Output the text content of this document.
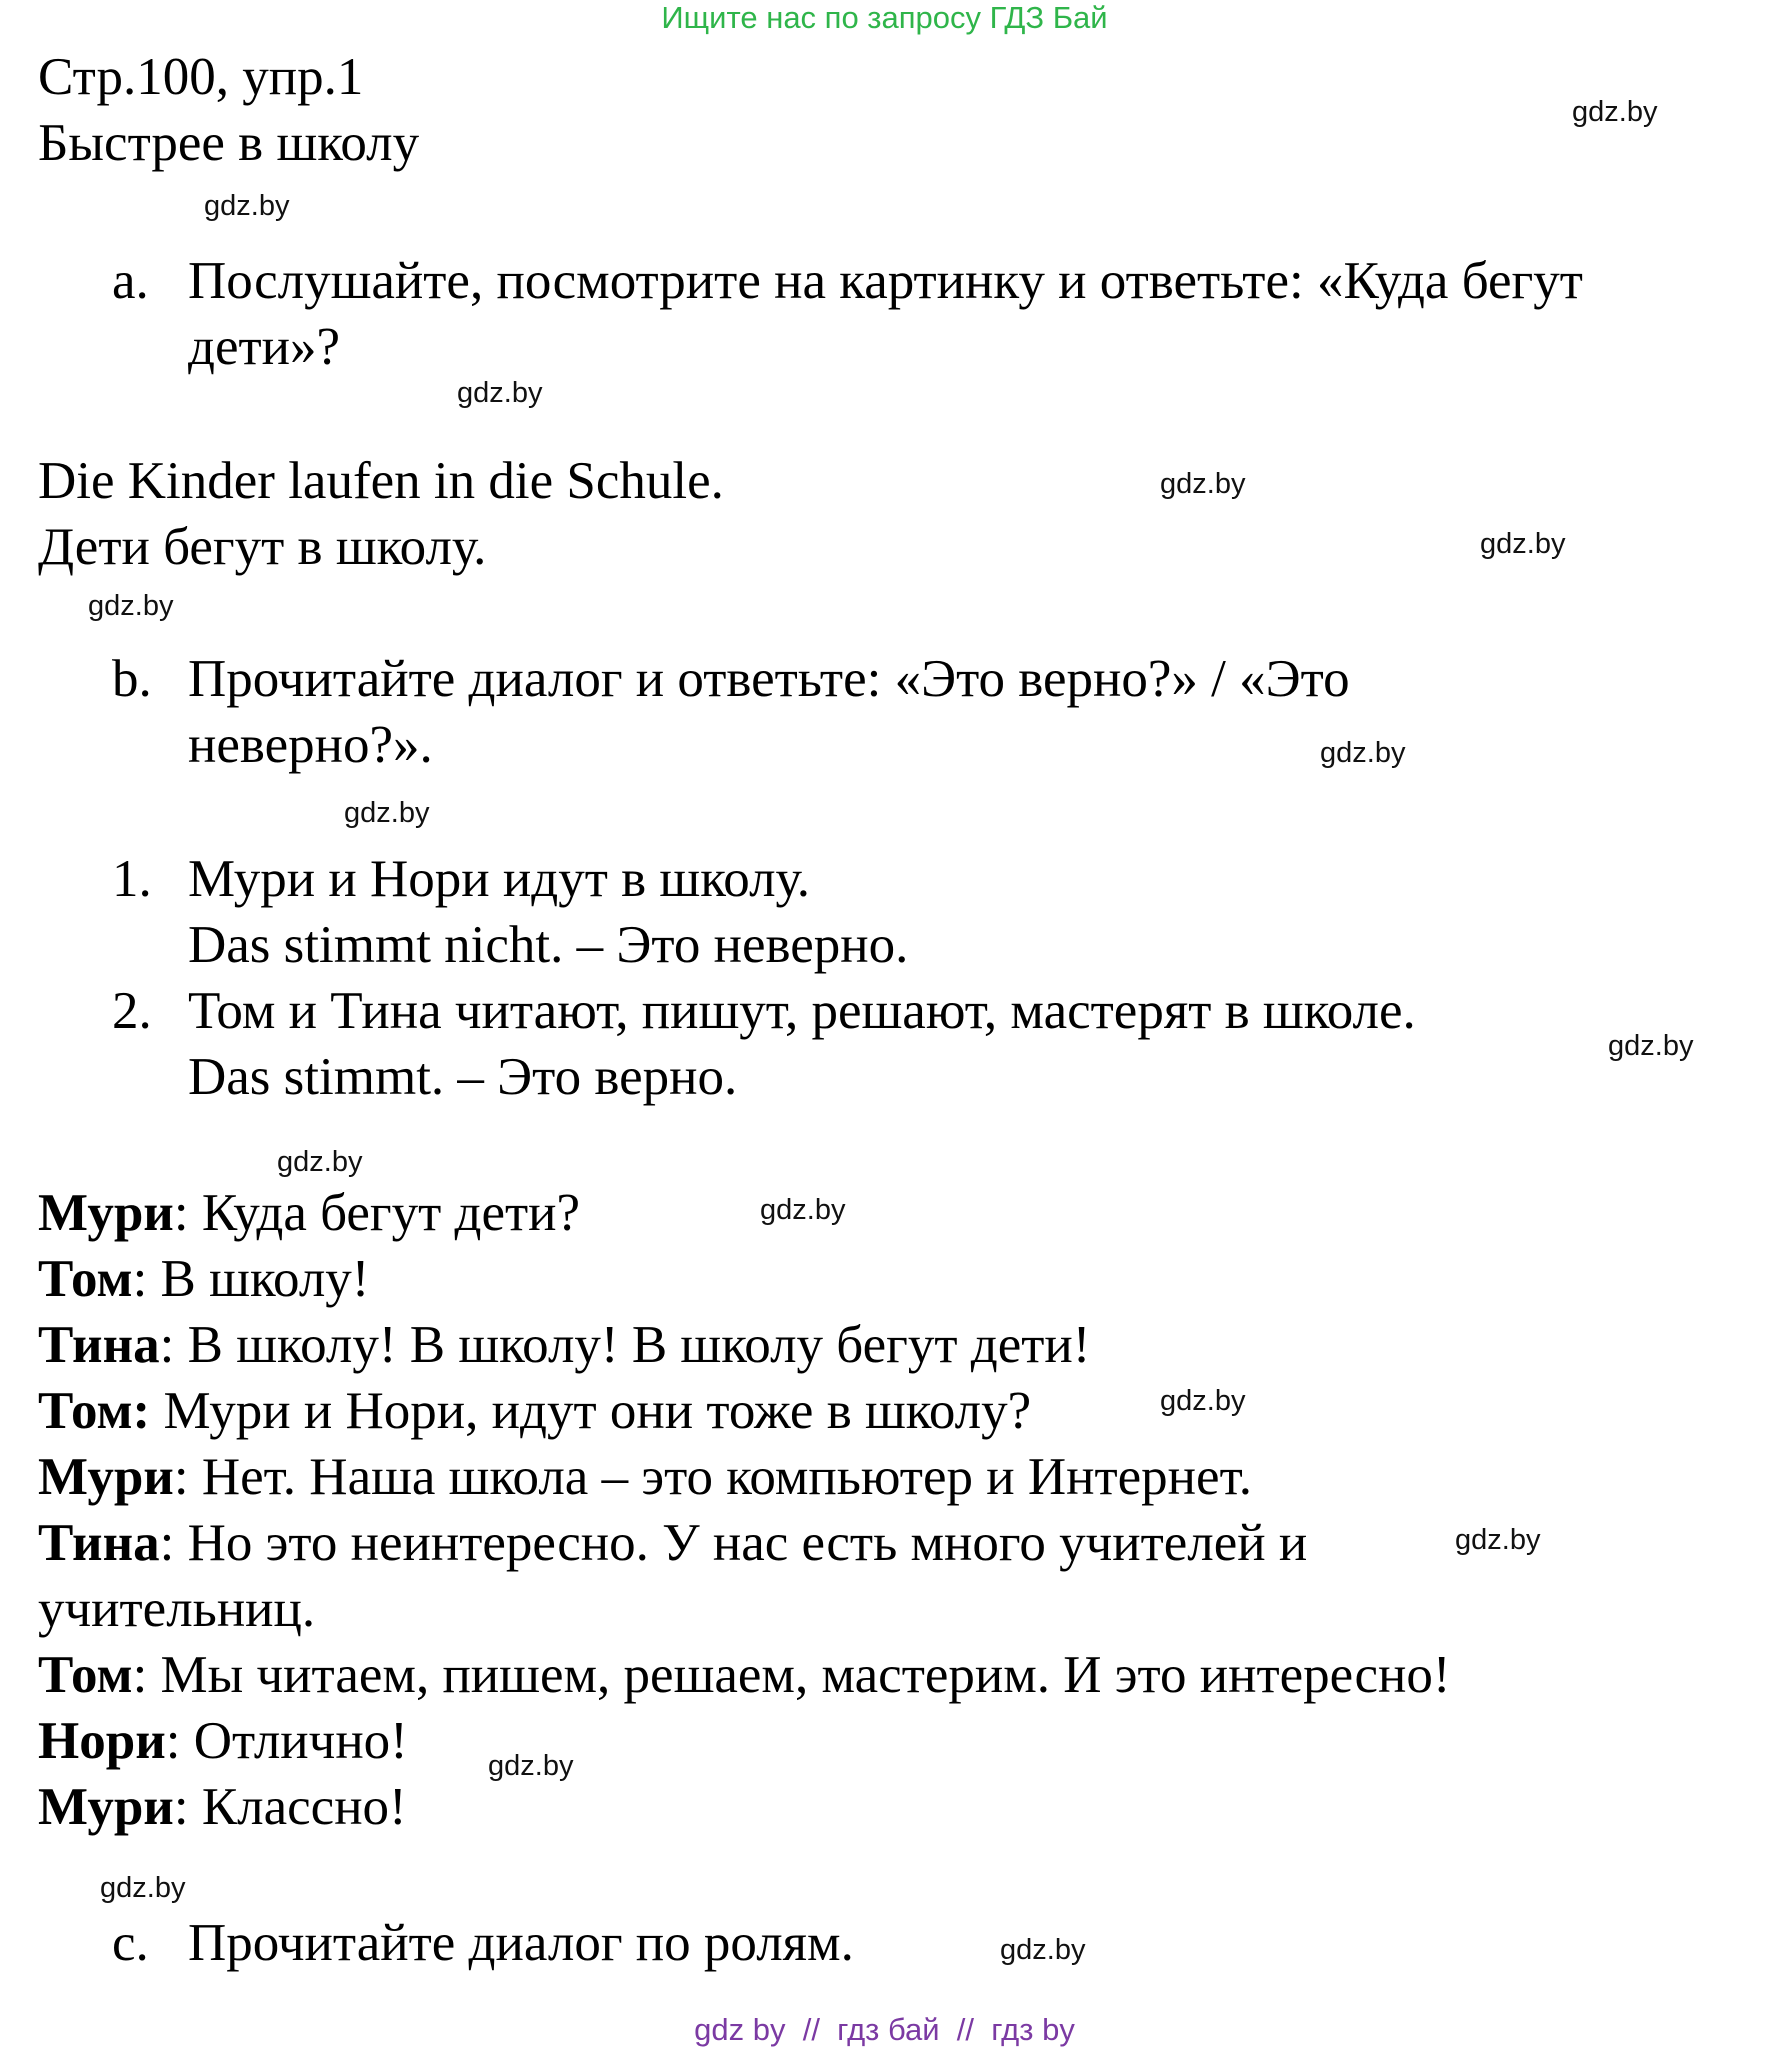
Ищите нас по запросу ГДЗ Бай
Стр.100, упр.1
Быстрее в школу
a. Послушайте, посмотрите на картинку и ответьте: «Куда бегут
дети»?
Die Kinder laufen in die Schule.
Дети бегут в школу.
b. Прочитайте диалог и ответьте: «Это верно?» / «Это
неверно?».
1. Мури и Нори идут в школу.
Das stimmt nicht. – Это неверно.
2. Том и Тина читают, пишут, решают, мастерят в школе.
Das stimmt. – Это верно.
Мури: Куда бегут дети?
Том: В школу!
Тина: В школу! В школу! В школу бегут дети!
Том: Мури и Нори, идут они тоже в школу?
Мури: Нет. Наша школа – это компьютер и Интернет.
Тина: Но это неинтересно. У нас есть много учителей и
учительниц.
Том: Мы читаем, пишем, решаем, мастерим. И это интересно!
Нори: Отлично!
Мури: Классно!
c. Прочитайте диалог по ролям.
gdz.by
gdz.by
gdz.by
gdz.by
gdz.by
gdz.by
gdz.by
gdz.by
gdz.by
gdz.by
gdz.by
gdz.by
gdz.by
gdz.by
gdz.by
gdz.by
gdz by  //  гдз бай  //  гдз by
